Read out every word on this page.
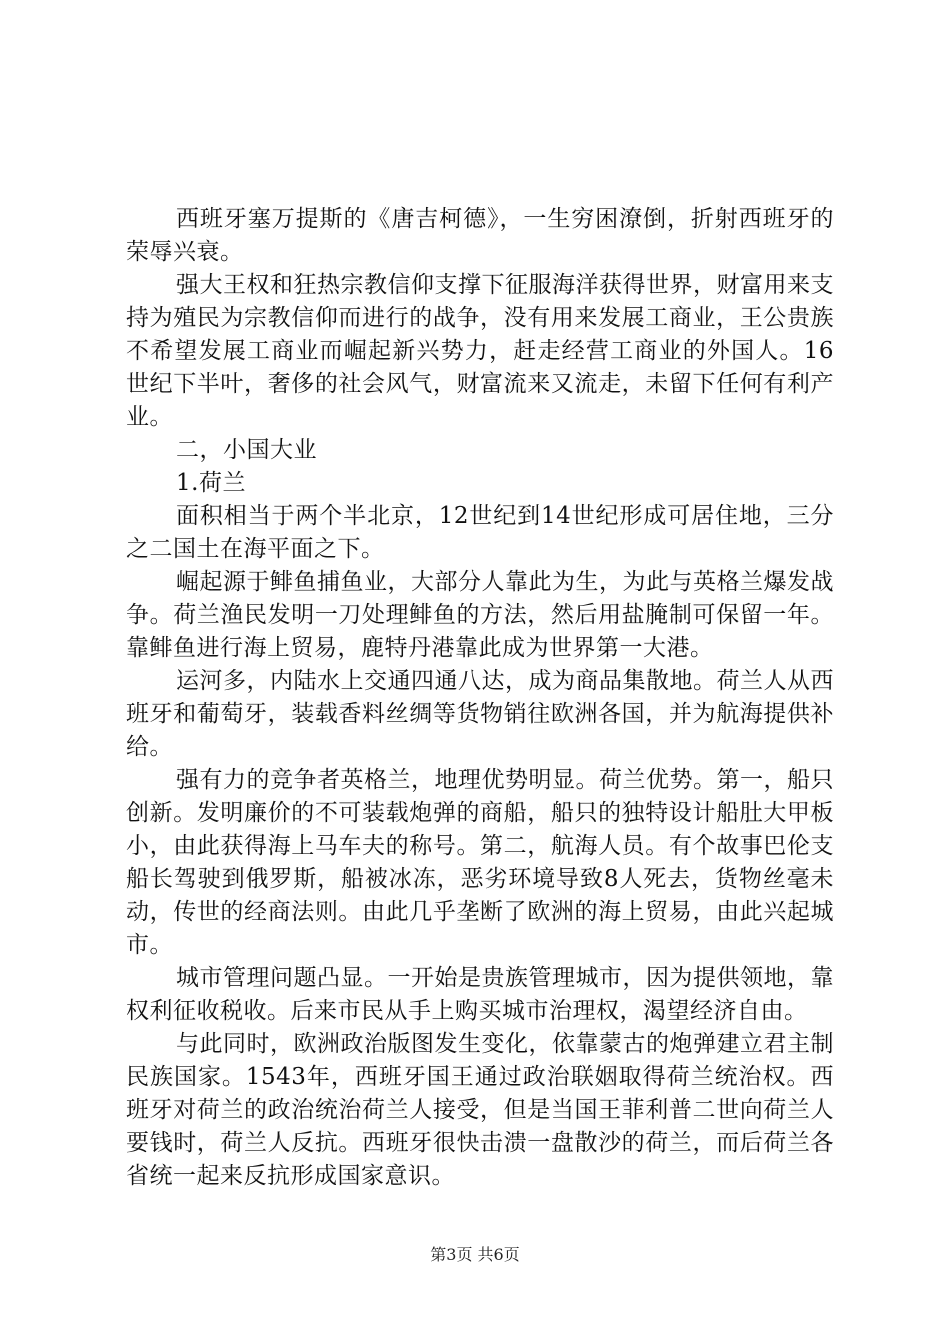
西班牙塞万提斯的《唐吉柯德》，一生穷困潦倒，折射西班牙的荣辱兴衰。

强大王权和狂热宗教信仰支撑下征服海洋获得世界，财富用来支持为殖民为宗教信仰而进行的战争，没有用来发展工商业，王公贵族不希望发展工商业而崛起新兴势力，赶走经营工商业的外国人。16世纪下半叶，奢侈的社会风气，财富流来又流走，未留下任何有利产业。

二，小国大业

1.荷兰

面积相当于两个半北京，12世纪到14世纪形成可居住地，三分之二国土在海平面之下。

崛起源于鲱鱼捕鱼业，大部分人靠此为生，为此与英格兰爆发战争。荷兰渔民发明一刀处理鲱鱼的方法，然后用盐腌制可保留一年。靠鲱鱼进行海上贸易，鹿特丹港靠此成为世界第一大港。

运河多，内陆水上交通四通八达，成为商品集散地。荷兰人从西班牙和葡萄牙，装载香料丝绸等货物销往欧洲各国，并为航海提供补给。

强有力的竞争者英格兰，地理优势明显。荷兰优势。第一，船只创新。发明廉价的不可装载炮弹的商船，船只的独特设计船肚大甲板小，由此获得海上马车夫的称号。第二，航海人员。有个故事巴伦支船长驾驶到俄罗斯，船被冰冻，恶劣环境导致8人死去，货物丝毫未动，传世的经商法则。由此几乎垄断了欧洲的海上贸易，由此兴起城市。

城市管理问题凸显。一开始是贵族管理城市，因为提供领地，靠权利征收税收。后来市民从手上购买城市治理权，渴望经济自由。

与此同时，欧洲政治版图发生变化，依靠蒙古的炮弹建立君主制民族国家。1543年，西班牙国王通过政治联姻取得荷兰统治权。西班牙对荷兰的政治统治荷兰人接受，但是当国王菲利普二世向荷兰人要钱时，荷兰人反抗。西班牙很快击溃一盘散沙的荷兰，而后荷兰各省统一起来反抗形成国家意识。

第3页 共6页
